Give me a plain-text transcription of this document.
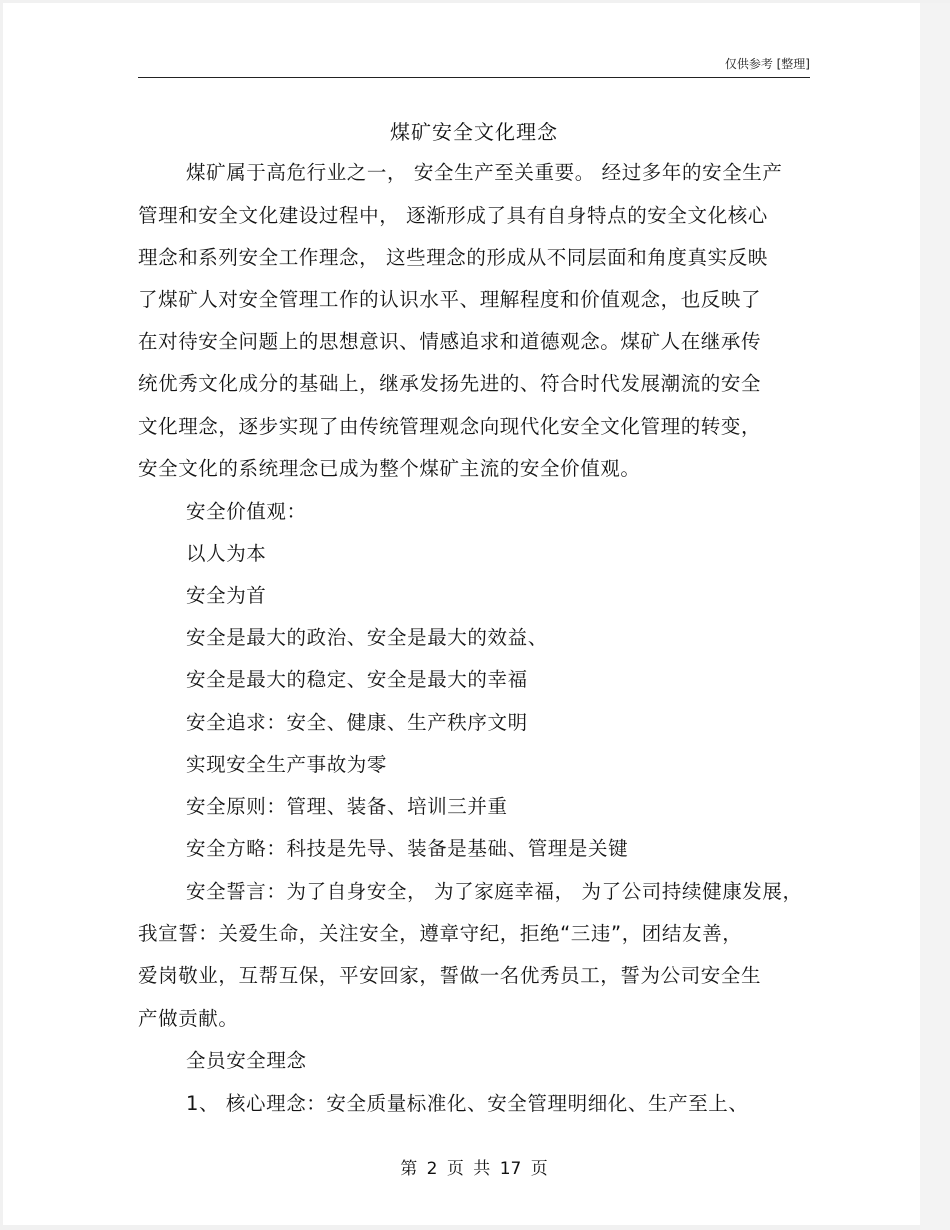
仅供参考 [整理]
煤矿安全文化理念
煤矿属于高危行业之一， 安全生产至关重要。 经过多年的安全生产
管理和安全文化建设过程中， 逐渐形成了具有自身特点的安全文化核心
理念和系列安全工作理念， 这些理念的形成从不同层面和角度真实反映
了煤矿人对安全管理工作的认识水平、理解程度和价值观念，也反映了
在对待安全问题上的思想意识、情感追求和道德观念。煤矿人在继承传
统优秀文化成分的基础上，继承发扬先进的、符合时代发展潮流的安全
文化理念，逐步实现了由传统管理观念向现代化安全文化管理的转变，
安全文化的系统理念已成为整个煤矿主流的安全价值观。
安全价值观：
以人为本
安全为首
安全是最大的政治、安全是最大的效益、
安全是最大的稳定、安全是最大的幸福
安全追求：安全、健康、生产秩序文明
实现安全生产事故为零
安全原则：管理、装备、培训三并重
安全方略：科技是先导、装备是基础、管理是关键
安全誓言：为了自身安全， 为了家庭幸福， 为了公司持续健康发展，
我宣誓：关爱生命，关注安全，遵章守纪，拒绝“三违”，团结友善，
爱岗敬业，互帮互保，平安回家，誓做一名优秀员工，誓为公司安全生
产做贡献。
全员安全理念
1、 核心理念：安全质量标准化、安全管理明细化、生产至上、
第 2 页 共 17 页
